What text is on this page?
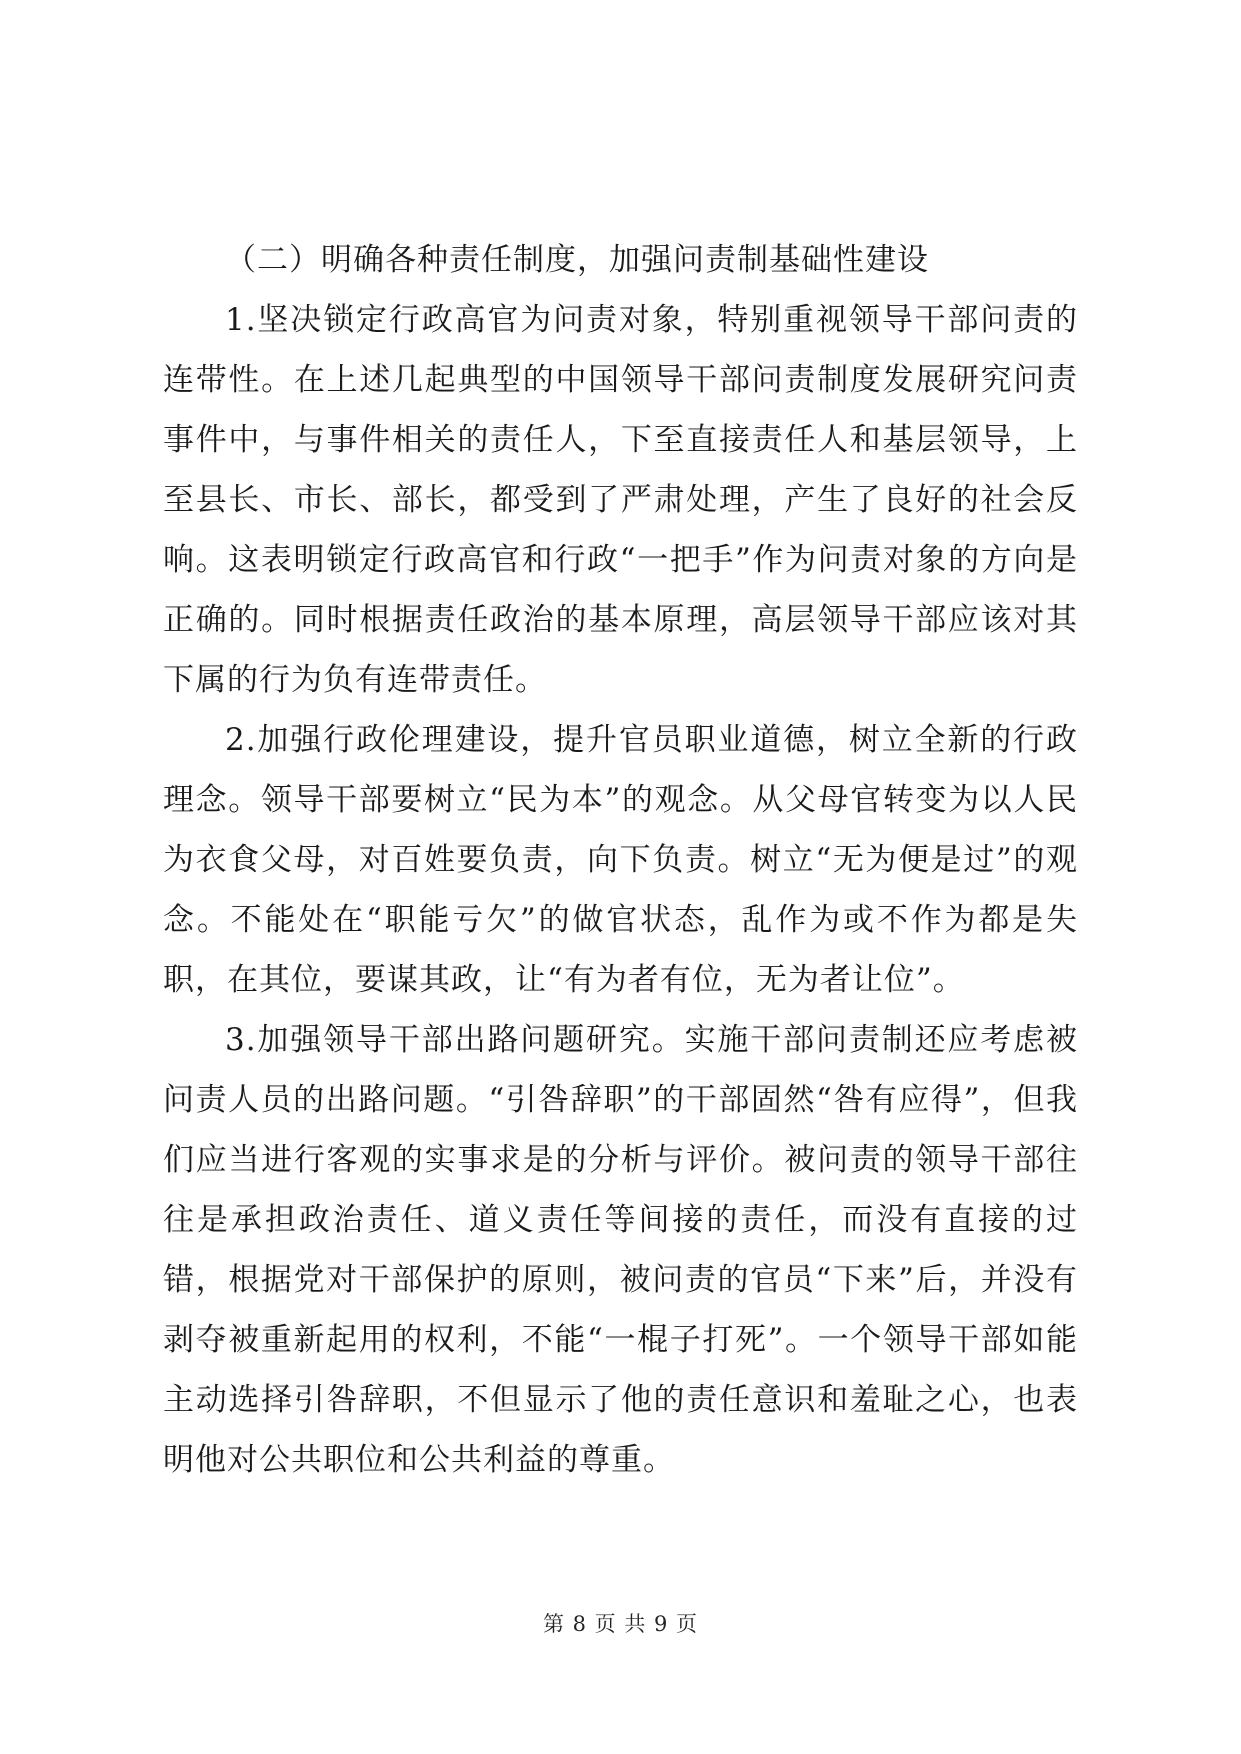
（二）明确各种责任制度，加强问责制基础性建设

1.坚决锁定行政高官为问责对象，特别重视领导干部问责的连带性。在上述几起典型的中国领导干部问责制度发展研究问责事件中，与事件相关的责任人，下至直接责任人和基层领导，上至县长、市长、部长，都受到了严肃处理，产生了良好的社会反响。这表明锁定行政高官和行政“一把手”作为问责对象的方向是正确的。同时根据责任政治的基本原理，高层领导干部应该对其下属的行为负有连带责任。

2.加强行政伦理建设，提升官员职业道德，树立全新的行政理念。领导干部要树立“民为本”的观念。从父母官转变为以人民为衣食父母，对百姓要负责，向下负责。树立“无为便是过”的观念。不能处在“职能亏欠”的做官状态，乱作为或不作为都是失职，在其位，要谋其政，让“有为者有位，无为者让位”。

3.加强领导干部出路问题研究。实施干部问责制还应考虑被问责人员的出路问题。“引咎辞职”的干部固然“咎有应得”，但我们应当进行客观的实事求是的分析与评价。被问责的领导干部往往是承担政治责任、道义责任等间接的责任，而没有直接的过错，根据党对干部保护的原则，被问责的官员“下来”后，并没有剥夺被重新起用的权利，不能“一棍子打死”。一个领导干部如能主动选择引咎辞职，不但显示了他的责任意识和羞耻之心，也表明他对公共职位和公共利益的尊重。

第 8 页 共 9 页
